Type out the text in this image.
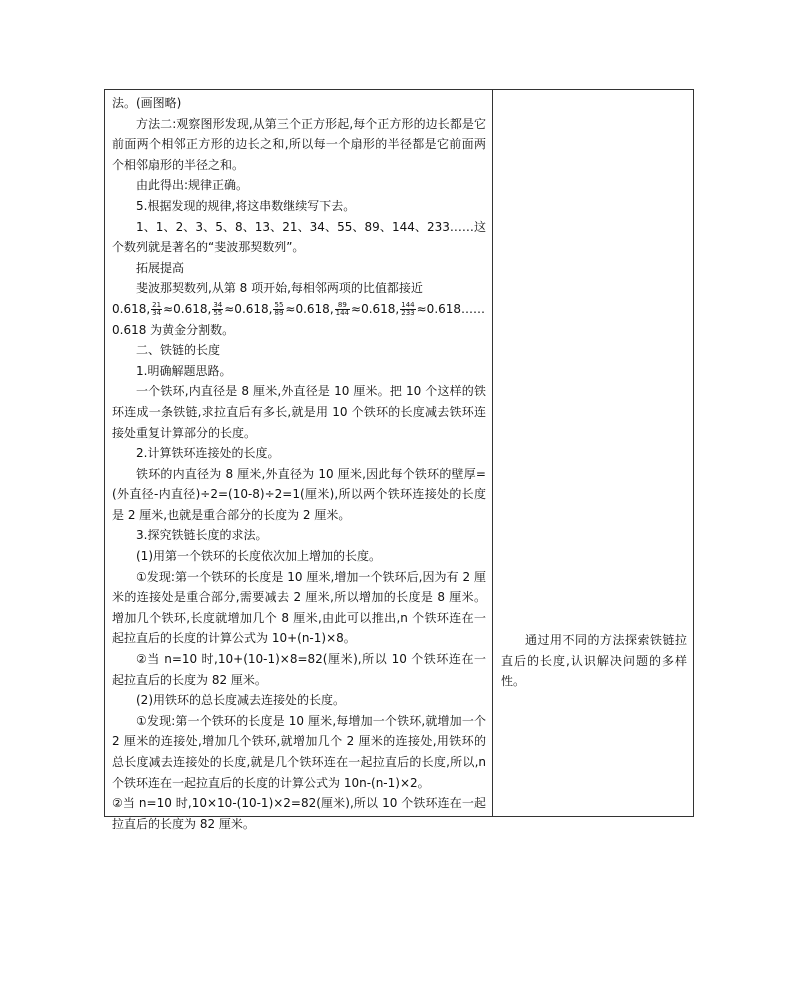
法。(画图略)

方法二:观察图形发现,从第三个正方形起,每个正方形的边长都是它前面两个相邻正方形的边长之和,所以每一个扇形的半径都是它前面两个相邻扇形的半径之和。

由此得出:规律正确。

5.根据发现的规律,将这串数继续写下去。

1、1、2、3、5、8、13、21、34、55、89、144、233……这个数列就是著名的“斐波那契数列”。

拓展提高

斐波那契数列,从第 8 项开始,每相邻两项的比值都接近

0.618, $\frac{21}{34} \approx 0.618$, $\frac{34}{55} \approx 0.618$, $\frac{55}{89} \approx 0.618$, $\frac{89}{144} \approx 0.618$, $\frac{144}{233}$ ≈0.618……

0.618 为黄金分割数。

二、铁链的长度

1.明确解题思路。

一个铁环,内直径是 8 厘米,外直径是 10 厘米。把 10 个这样的铁环连成一条铁链,求拉直后有多长,就是用 10 个铁环的长度减去铁环连接处重复计算部分的长度。

2.计算铁环连接处的长度。

铁环的内直径为 8 厘米,外直径为 10 厘米,因此每个铁环的壁厚=(外直径-内直径)÷2=(10-8)÷2=1(厘米),所以两个铁环连接处的长度是 2 厘米,也就是重合部分的长度为 2 厘米。

3.探究铁链长度的求法。

(1)用第一个铁环的长度依次加上增加的长度。

①发现:第一个铁环的长度是 10 厘米,增加一个铁环后,因为有 2 厘米的连接处是重合部分,需要减去 2 厘米,所以增加的长度是 8 厘米。增加几个铁环,长度就增加几个 8 厘米,由此可以推出,n 个铁环连在一起拉直后的长度的计算公式为 10+(n-1)×8。

②当 n=10 时,10+(10-1)×8=82(厘米),所以 10 个铁环连在一起拉直后的长度为 82 厘米。

(2)用铁环的总长度减去连接处的长度。

①发现:第一个铁环的长度是 10 厘米,每增加一个铁环,就增加一个 2 厘米的连接处,增加几个铁环,就增加几个 2 厘米的连接处,用铁环的总长度减去连接处的长度,就是几个铁环连在一起拉直后的长度,所以,n 个铁环连在一起拉直后的长度的计算公式为 10n-(n-1)×2。

②当 n=10 时,10×10-(10-1)×2=82(厘米),所以 10 个铁环连在一起拉直后的长度为 82 厘米。

通过用不同的方法探索铁链拉直后的长度,认识解决问题的多样性。
